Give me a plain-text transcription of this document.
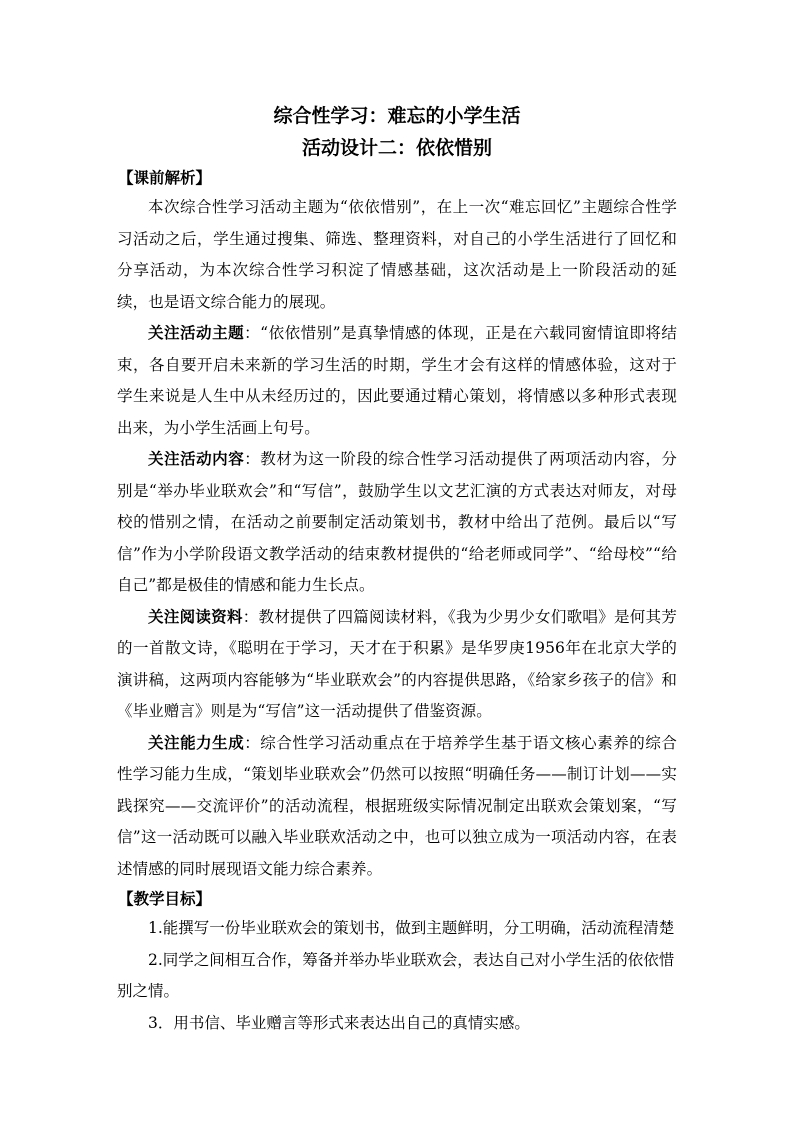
综合性学习：难忘的小学生活
活动设计二：依依惜别
【课前解析】

本次综合性学习活动主题为“依依惜别”，在上一次“难忘回忆”主题综合性学习活动之后，学生通过搜集、筛选、整理资料，对自己的小学生活进行了回忆和分享活动，为本次综合性学习积淀了情感基础，这次活动是上一阶段活动的延续，也是语文综合能力的展现。

关注活动主题：“依依惜别”是真挚情感的体现，正是在六载同窗情谊即将结束，各自要开启未来新的学习生活的时期，学生才会有这样的情感体验，这对于学生来说是人生中从未经历过的，因此要通过精心策划，将情感以多种形式表现出来，为小学生活画上句号。

关注活动内容：教材为这一阶段的综合性学习活动提供了两项活动内容，分别是“举办毕业联欢会”和“写信”，鼓励学生以文艺汇演的方式表达对师友，对母校的惜别之情，在活动之前要制定活动策划书，教材中给出了范例。最后以“写信”作为小学阶段语文教学活动的结束教材提供的“给老师或同学”、“给母校”“给自己”都是极佳的情感和能力生长点。

关注阅读资料：教材提供了四篇阅读材料，《我为少男少女们歌唱》是何其芳的一首散文诗，《聪明在于学习，天才在于积累》是华罗庚1956年在北京大学的演讲稿，这两项内容能够为“毕业联欢会”的内容提供思路，《给家乡孩子的信》和《毕业赠言》则是为“写信”这一活动提供了借鉴资源。

关注能力生成：综合性学习活动重点在于培养学生基于语文核心素养的综合性学习能力生成，“策划毕业联欢会”仍然可以按照“明确任务——制订计划——实践探究——交流评价”的活动流程，根据班级实际情况制定出联欢会策划案，“写信”这一活动既可以融入毕业联欢活动之中，也可以独立成为一项活动内容，在表述情感的同时展现语文能力综合素养。

【教学目标】

1.能撰写一份毕业联欢会的策划书，做到主题鲜明，分工明确，活动流程清楚

2.同学之间相互合作，筹备并举办毕业联欢会，表达自己对小学生活的依依惜别之情。

3．用书信、毕业赠言等形式来表达出自己的真情实感。
